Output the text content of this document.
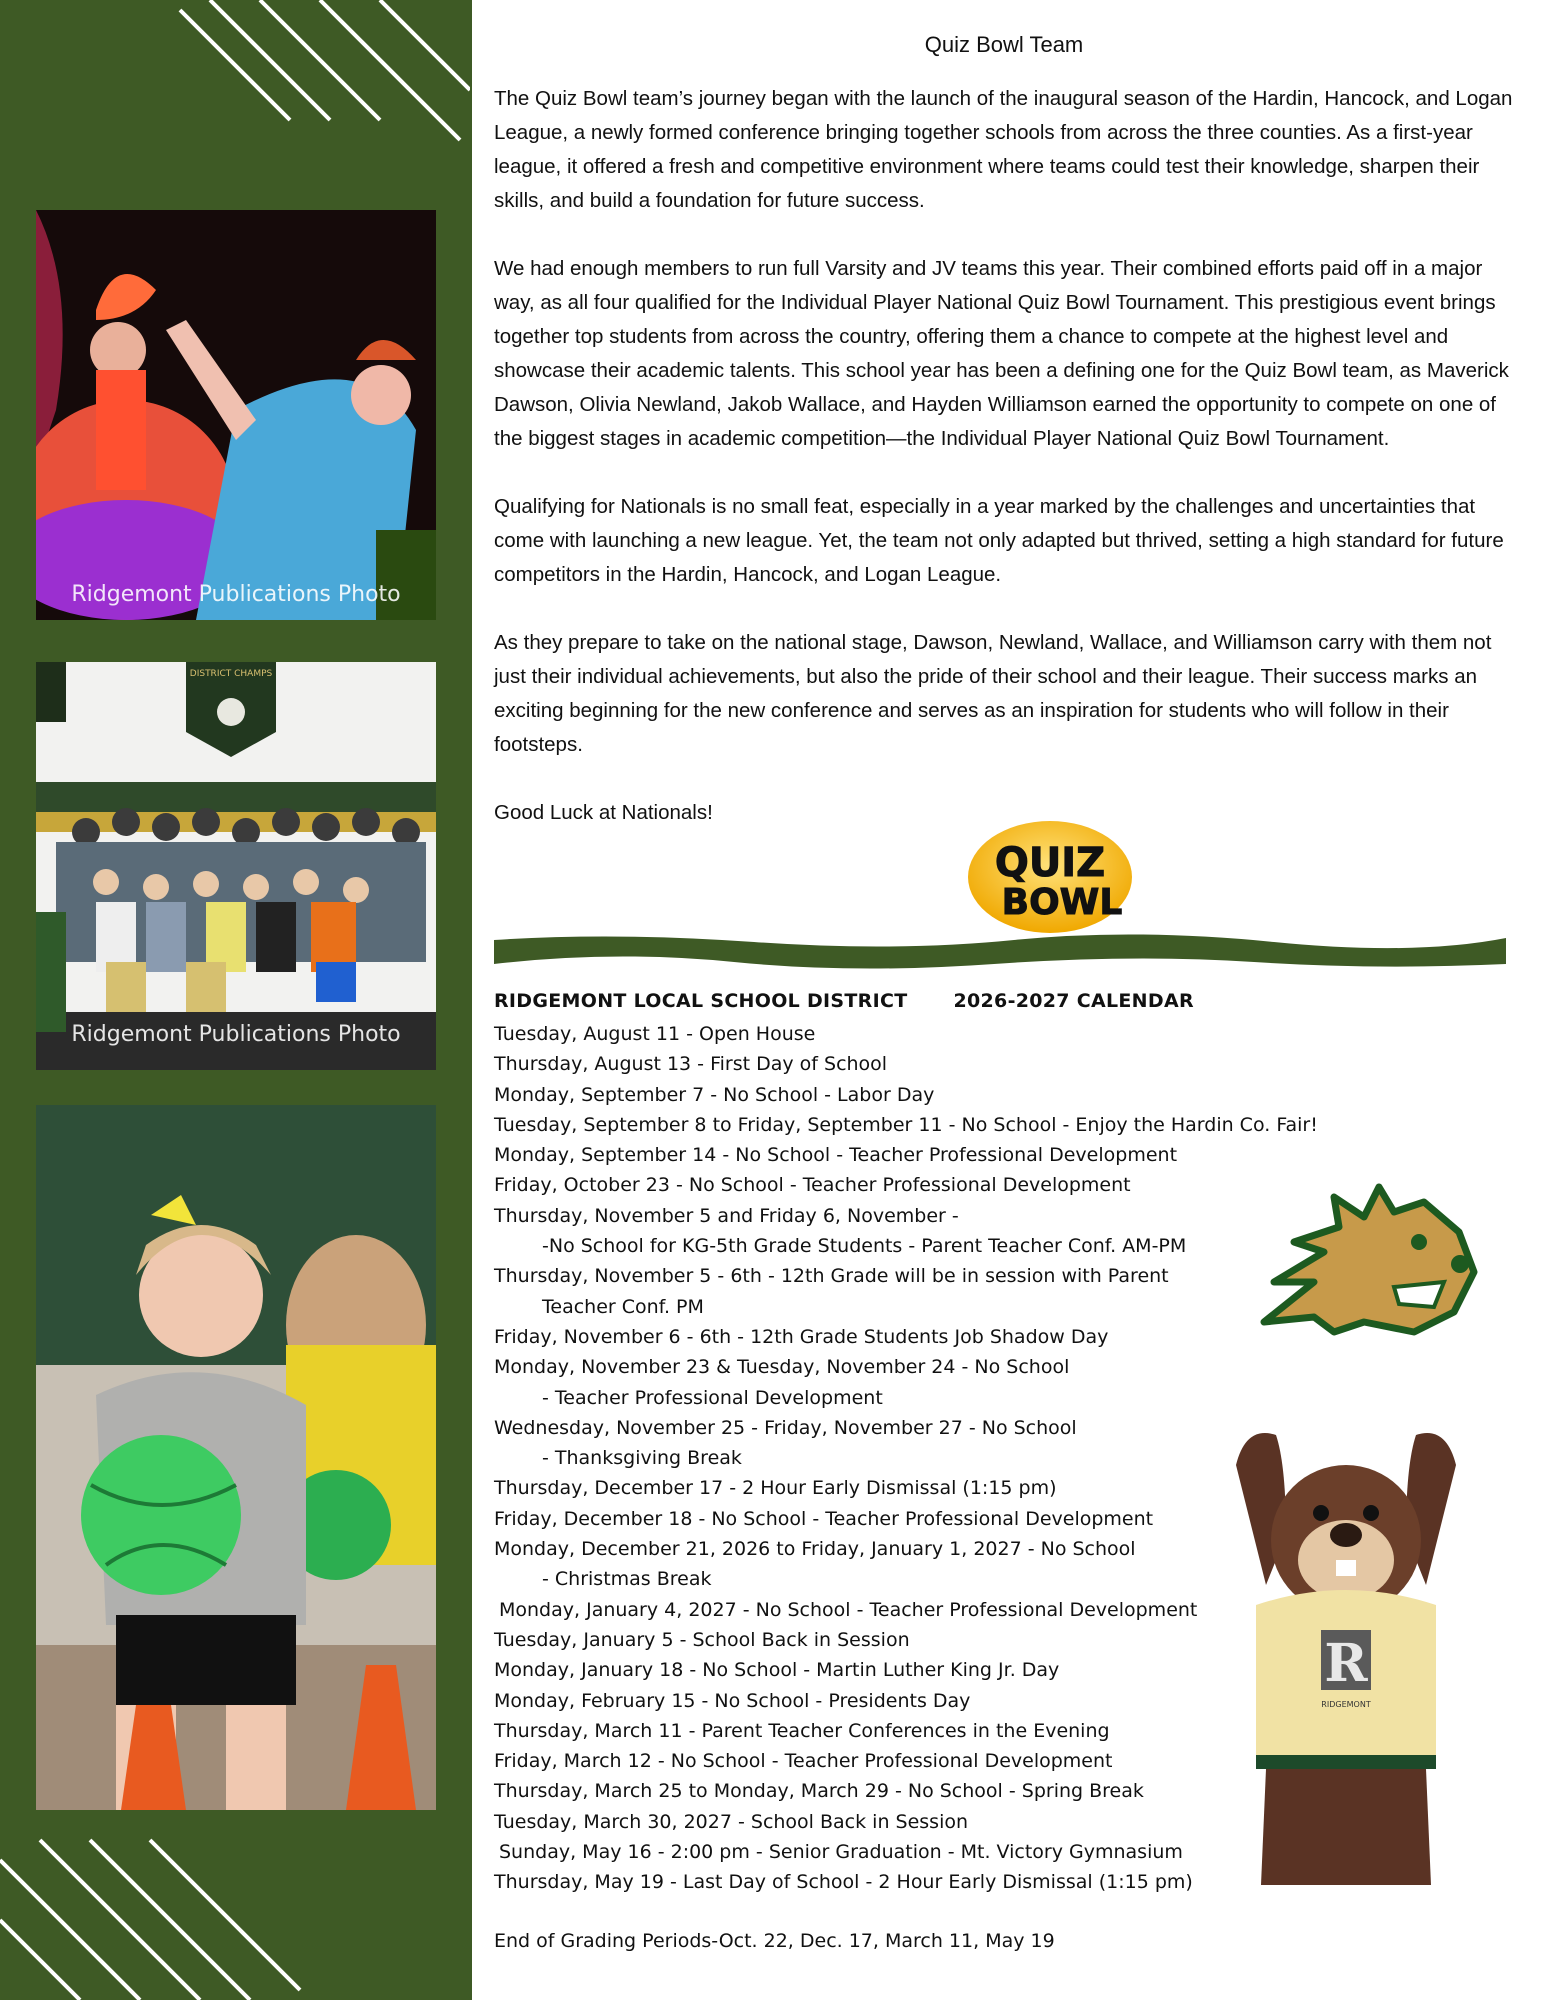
Ridgemont Publications Photo
DISTRICT CHAMPS
Ridgemont Publications Photo
Quiz Bowl Team

The Quiz Bowl team’s journey began with the launch of the inaugural season of the Hardin, Hancock, and Logan League, a newly formed conference bringing together schools from across the three counties. As a first-year league, it offered a fresh and competitive environment where teams could test their knowledge, sharpen their skills, and build a foundation for future success.

We had enough members to run full Varsity and JV teams this year. Their combined efforts paid off in a major way, as all four qualified for the Individual Player National Quiz Bowl Tournament. This prestigious event brings together top students from across the country, offering them a chance to compete at the highest level and showcase their academic talents. This school year has been a defining one for the Quiz Bowl team, as Maverick Dawson, Olivia Newland, Jakob Wallace, and Hayden Williamson earned the opportunity to compete on one of the biggest stages in academic competition—the Individual Player National Quiz Bowl Tournament.

Qualifying for Nationals is no small feat, especially in a year marked by the challenges and uncertainties that come with launching a new league. Yet, the team not only adapted but thrived, setting a high standard for future competitors in the Hardin, Hancock, and Logan League.

As they prepare to take on the national stage, Dawson, Newland, Wallace, and Williamson carry with them not just their individual achievements, but also the pride of their school and their league. Their success marks an exciting beginning for the new conference and serves as an inspiration for students who will follow in their footsteps.

Good Luck at Nationals!

QUIZ
BOWL
RIDGEMONT LOCAL SCHOOL DISTRICT 2026-2027 CALENDAR
Tuesday, August 11 - Open House
Thursday, August 13 - First Day of School
Monday, September 7 - No School - Labor Day
Tuesday, September 8 to Friday, September 11 - No School - Enjoy the Hardin Co. Fair!
Monday, September 14 - No School - Teacher Professional Development
Friday, October 23 - No School - Teacher Professional Development
Thursday, November 5 and Friday 6, November -
-No School for KG-5th Grade Students - Parent Teacher Conf. AM-PM
Thursday, November 5 - 6th - 12th Grade will be in session with Parent
Teacher Conf. PM
Friday, November 6 - 6th - 12th Grade Students Job Shadow Day
Monday, November 23 & Tuesday, November 24 - No School
- Teacher Professional Development
Wednesday, November 25 - Friday, November 27 - No School
- Thanksgiving Break
Thursday, December 17 - 2 Hour Early Dismissal (1:15 pm)
Friday, December 18 - No School - Teacher Professional Development
Monday, December 21, 2026 to Friday, January 1, 2027 - No School
- Christmas Break
Monday, January 4, 2027 - No School - Teacher Professional Development
Tuesday, January 5 - School Back in Session
Monday, January 18 - No School - Martin Luther King Jr. Day
Monday, February 15 - No School - Presidents Day
Thursday, March 11 - Parent Teacher Conferences in the Evening
Friday, March 12 - No School - Teacher Professional Development
Thursday, March 25 to Monday, March 29 - No School - Spring Break
Tuesday, March 30, 2027 - School Back in Session
Sunday, May 16 - 2:00 pm - Senior Graduation - Mt. Victory Gymnasium
Thursday, May 19 - Last Day of School - 2 Hour Early Dismissal (1:15 pm)
End of Grading Periods-Oct. 22, Dec. 17, March 11, May 19
R
RIDGEMONT
